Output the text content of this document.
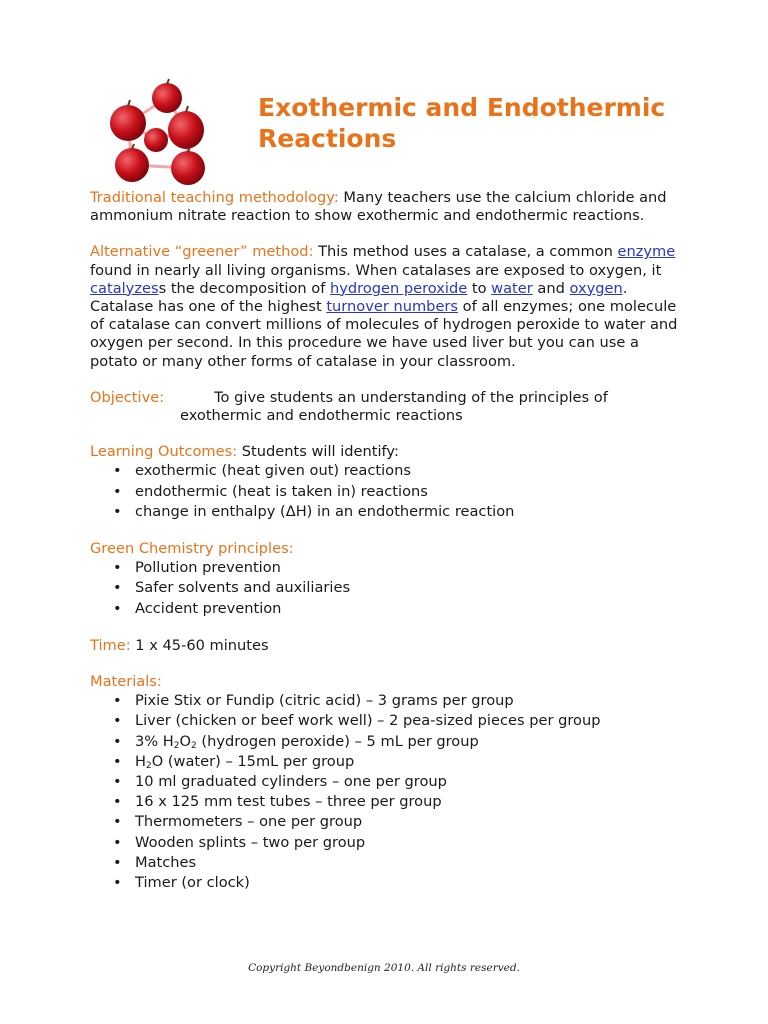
Exothermic and Endothermic Reactions

Traditional teaching methodology: Many teachers use the calcium chloride and ammonium nitrate reaction to show exothermic and endothermic reactions.

Alternative “greener” method: This method uses a catalase, a common enzyme found in nearly all living organisms. When catalases are exposed to oxygen, it catalyzess the decomposition of hydrogen peroxide to water and oxygen. Catalase has one of the highest turnover numbers of all enzymes; one molecule of catalase can convert millions of molecules of hydrogen peroxide to water and oxygen per second. In this procedure we have used liver but you can use a potato or many other forms of catalase in your classroom.

Objective:	To give students an understanding of the principles of
exothermic and endothermic reactions
Learning Outcomes: Students will identify:
• exothermic (heat given out) reactions
• endothermic (heat is taken in) reactions
• change in enthalpy (ΔH) in an endothermic reaction
Green Chemistry principles:
• Pollution prevention
• Safer solvents and auxiliaries
• Accident prevention

Time: 1 x 45-60 minutes

Materials:
• Pixie Stix or Fundip (citric acid) – 3 grams per group
• Liver (chicken or beef work well) – 2 pea-sized pieces per group
• 3% $H_2O_2$ (hydrogen peroxide) – 5 mL per group
• $H_2O$ (water) – 15mL per group
• 10 ml graduated cylinders – one per group
• 16 x 125 mm test tubes – three per group
• Thermometers – one per group
• Wooden splints – two per group
• Matches
• Timer (or clock)
Copyright Beyondbenign 2010. All rights reserved.
